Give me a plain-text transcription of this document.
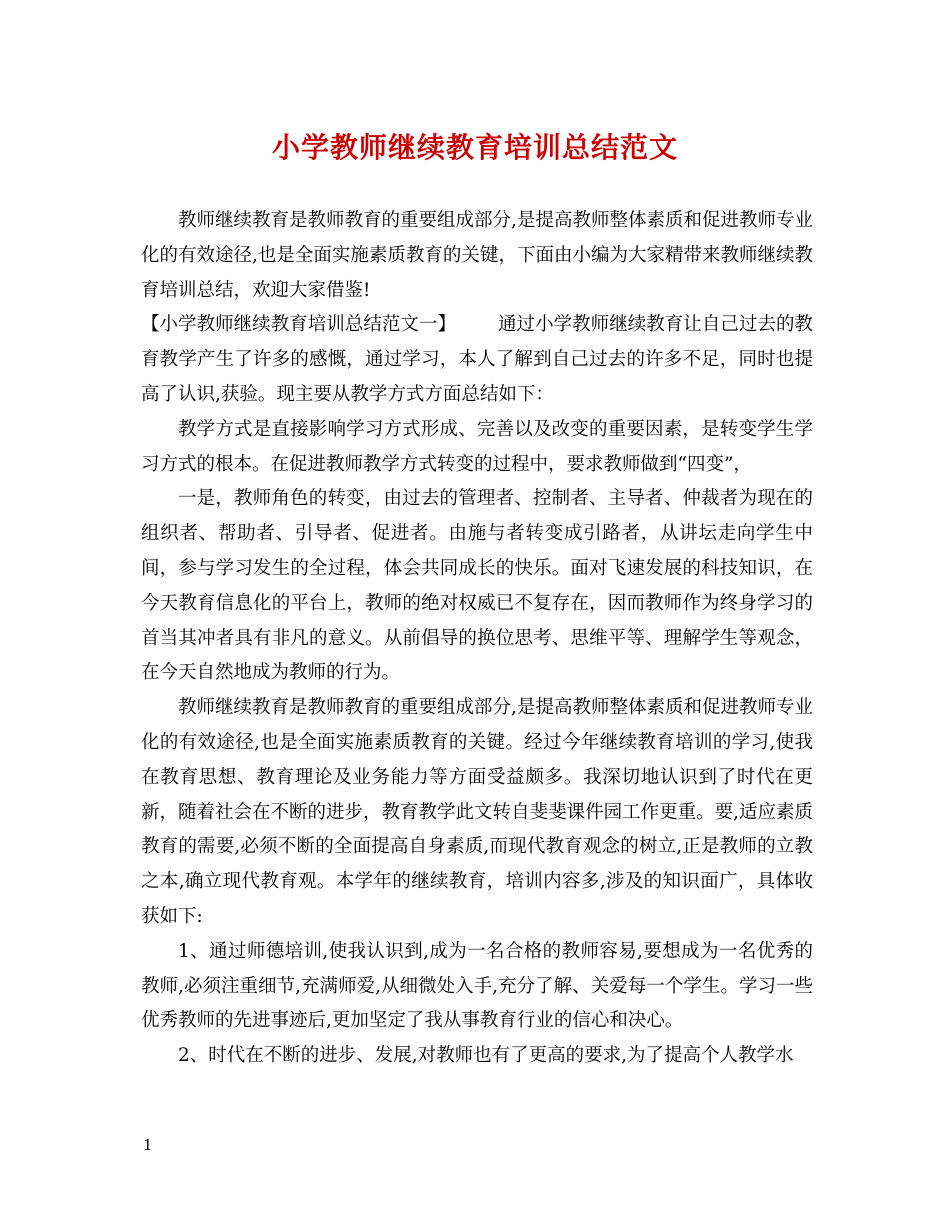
小学教师继续教育培训总结范文

教师继续教育是教师教育的重要组成部分,是提高教师整体素质和促进教师专业化的有效途径,也是全面实施素质教育的关键，下面由小编为大家精带来教师继续教育培训总结，欢迎大家借鉴!

【小学教师继续教育培训总结范文一】 通过小学教师继续教育让自己过去的教育教学产生了许多的感慨，通过学习，本人了解到自己过去的许多不足，同时也提高了认识,获验。现主要从教学方式方面总结如下：

教学方式是直接影响学习方式形成、完善以及改变的重要因素，是转变学生学习方式的根本。在促进教师教学方式转变的过程中，要求教师做到“四变”，

一是，教师角色的转变，由过去的管理者、控制者、主导者、仲裁者为现在的组织者、帮助者、引导者、促进者。由施与者转变成引路者，从讲坛走向学生中间，参与学习发生的全过程，体会共同成长的快乐。面对飞速发展的科技知识，在今天教育信息化的平台上，教师的绝对权威已不复存在，因而教师作为终身学习的首当其冲者具有非凡的意义。从前倡导的换位思考、思维平等、理解学生等观念，在今天自然地成为教师的行为。

教师继续教育是教师教育的重要组成部分,是提高教师整体素质和促进教师专业化的有效途径,也是全面实施素质教育的关键。经过今年继续教育培训的学习,使我在教育思想、教育理论及业务能力等方面受益颇多。我深切地认识到了时代在更新，随着社会在不断的进步，教育教学此文转自斐斐课件园工作更重。要,适应素质教育的需要,必须不断的全面提高自身素质,而现代教育观念的树立,正是教师的立教之本,确立现代教育观。本学年的继续教育，培训内容多,涉及的知识面广，具体收获如下:

1、通过师德培训,使我认识到,成为一名合格的教师容易,要想成为一名优秀的教师,必须注重细节,充满师爱,从细微处入手,充分了解、关爱每一个学生。学习一些优秀教师的先进事迹后,更加坚定了我从事教育行业的信心和决心。

2、时代在不断的进步、发展,对教师也有了更高的要求,为了提高个人教学水

1
